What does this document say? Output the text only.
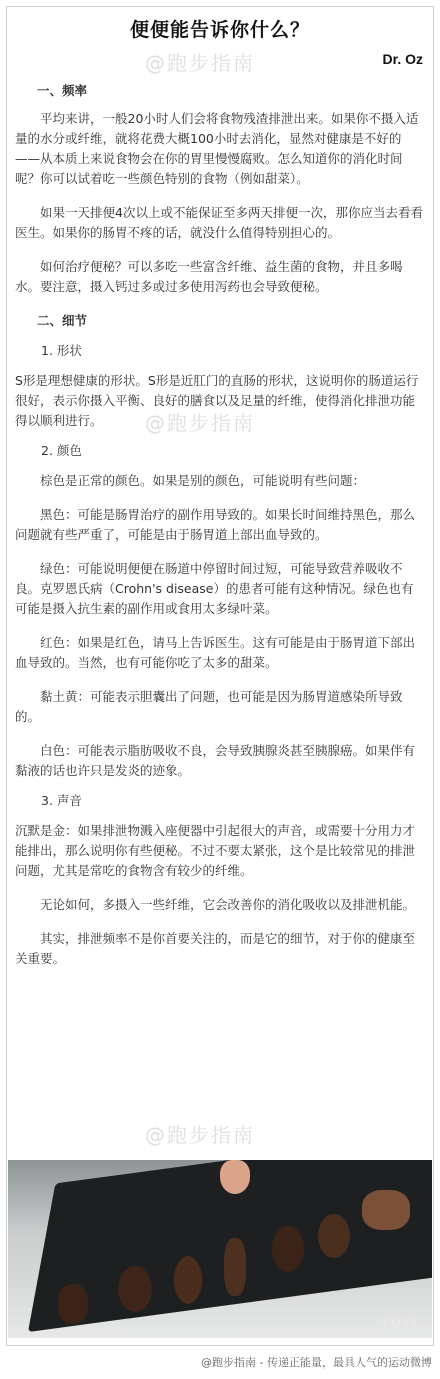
便便能告诉你什么？
Dr. Oz
@跑步指南
@跑步指南
@跑步指南
一、频率

平均来讲，一般20小时人们会将食物残渣排泄出来。如果你不摄入适量的水分或纤维，就将花费大概100小时去消化，显然对健康是不好的——从本质上来说食物会在你的胃里慢慢腐败。怎么知道你的消化时间呢？你可以试着吃一些颜色特别的食物（例如甜菜）。

如果一天排便4次以上或不能保证至多两天排便一次，那你应当去看看医生。如果你的肠胃不疼的话，就没什么值得特别担心的。

如何治疗便秘？可以多吃一些富含纤维、益生菌的食物，并且多喝水。要注意，摄入钙过多或过多使用泻药也会导致便秘。

二、细节
1. 形状

S形是理想健康的形状。S形是近肛门的直肠的形状，这说明你的肠道运行很好，表示你摄入平衡、良好的膳食以及足量的纤维，使得消化排泄功能得以顺利进行。

2. 颜色

棕色是正常的颜色。如果是别的颜色，可能说明有些问题：

黑色：可能是肠胃治疗的副作用导致的。如果长时间维持黑色，那么问题就有些严重了，可能是由于肠胃道上部出血导致的。

绿色：可能说明便便在肠道中停留时间过短，可能导致营养吸收不良。克罗恩氏病（Crohn's disease）的患者可能有这种情况。绿色也有可能是摄入抗生素的副作用或食用太多绿叶菜。

红色：如果是红色，请马上告诉医生。这有可能是由于肠胃道下部出血导致的。当然，也有可能你吃了太多的甜菜。

黏土黄：可能表示胆囊出了问题，也可能是因为肠胃道感染所导致的。

白色：可能表示脂肪吸收不良，会导致胰腺炎甚至胰腺癌。如果伴有黏液的话也许只是发炎的迹象。

3. 声音

沉默是金：如果排泄物溅入座便器中引起很大的声音，或需要十分用力才能排出，那么说明你有些便秘。不过不要太紧张，这个是比较常见的排泄问题，尤其是常吃的食物含有较少的纤维。

无论如何，多摄入一些纤维，它会改善你的消化吸收以及排泄机能。

其实，排泄频率不是你首要关注的，而是它的细节，对于你的健康至关重要。

FOX5
@跑步指南 - 传递正能量，最具人气的运动微博
